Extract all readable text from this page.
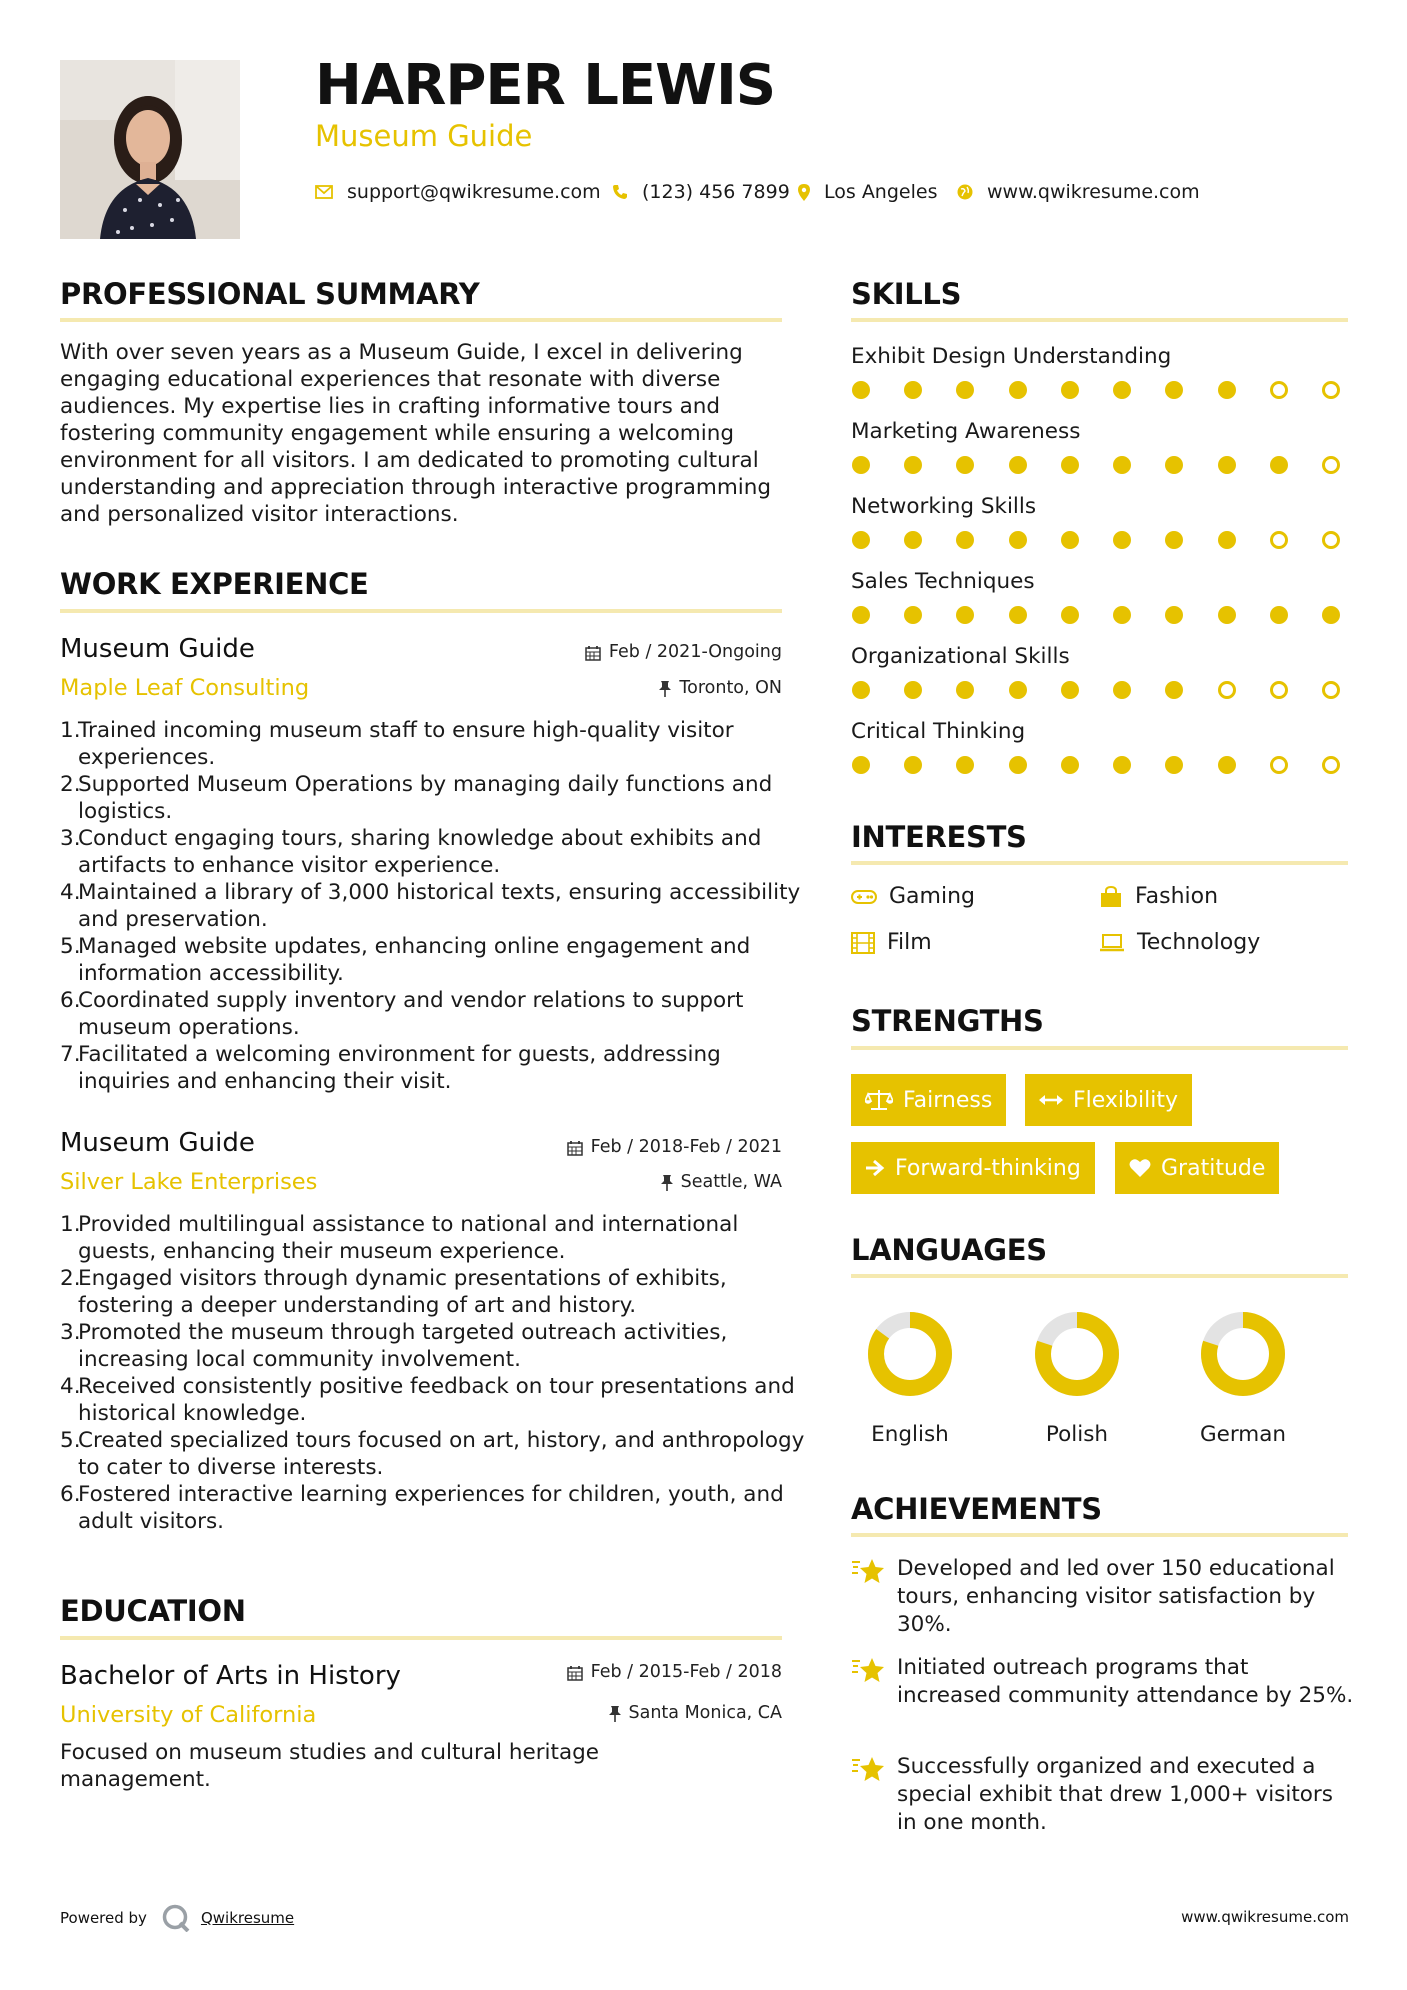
HARPER LEWIS
Museum Guide
support@qwikresume.com (123) 456 7899 Los Angeles	www.qwikresume.com
PROFESSIONAL SUMMARY

With over seven years as a Museum Guide, I excel in delivering engaging educational experiences that resonate with diverse audiences. My expertise lies in crafting informative tours and fostering community engagement while ensuring a welcoming environment for all visitors. I am dedicated to promoting cultural understanding and appreciation through interactive programming and personalized visitor interactions.

WORK EXPERIENCE
Museum Guide	Feb / 2021-Ongoing
Maple Leaf Consulting	Toronto, ON
Trained incoming museum staff to ensure high-quality visitor experiences.
Supported Museum Operations by managing daily functions and logistics.
Conduct engaging tours, sharing knowledge about exhibits and artifacts to enhance visitor experience.
Maintained a library of 3,000 historical texts, ensuring accessibility and preservation.
Managed website updates, enhancing online engagement and information accessibility.
Coordinated supply inventory and vendor relations to support museum operations.
Facilitated a welcoming environment for guests, addressing inquiries and enhancing their visit.
Museum Guide	Feb / 2018-Feb / 2021
Silver Lake Enterprises	Seattle, WA
Provided multilingual assistance to national and international guests, enhancing their museum experience.
Engaged visitors through dynamic presentations of exhibits, fostering a deeper understanding of art and history.
Promoted the museum through targeted outreach activities, increasing local community involvement.
Received consistently positive feedback on tour presentations and historical knowledge.
Created specialized tours focused on art, history, and anthropology to cater to diverse interests.
Fostered interactive learning experiences for children, youth, and adult visitors.
EDUCATION
Bachelor of Arts in History	Feb / 2015-Feb / 2018
University of California	Santa Monica, CA

Focused on museum studies and cultural heritage management.

SKILLS
Exhibit Design Understanding
Marketing Awareness
Networking Skills
Sales Techniques
Organizational Skills
Critical Thinking
INTERESTS
Gaming	Fashion
Film	Technology
STRENGTHS
Fairness	Flexibility
Forward-thinking	Gratitude
LANGUAGES
English	Polish	German
ACHIEVEMENTS

Developed and led over 150 educational tours, enhancing visitor satisfaction by 30%.

Initiated outreach programs that increased community attendance by 25%.

Successfully organized and executed a special exhibit that drew 1,000+ visitors in one month.

Powered by	Qwikresume	www.qwikresume.com
